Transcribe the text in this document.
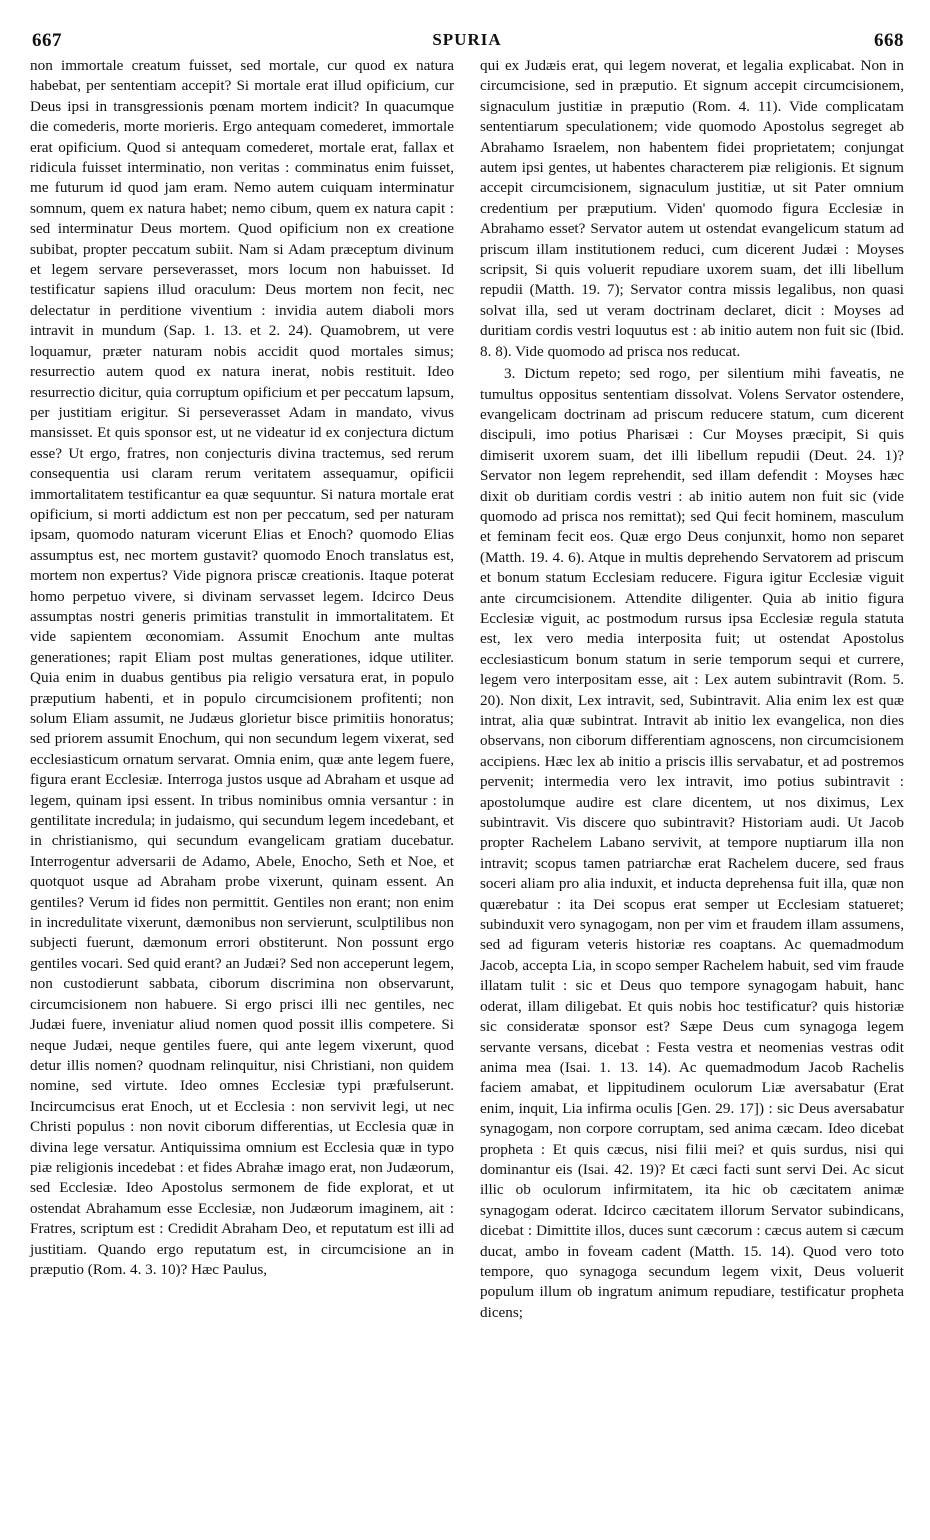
667	SPURIA	668

non immortale creatum fuisset, sed mortale, cur quod ex natura habebat, per sententiam accepit? Si mortale erat illud opificium, cur Deus ipsi in transgressionis pœnam mortem indicit? In quacumque die comederis, morte morieris. Ergo antequam comederet, immortale erat opificium. Quod si antequam comederet, mortale erat, fallax et ridicula fuisset interminatio, non veritas : comminatus enim fuisset, me futurum id quod jam eram. Nemo autem cuiquam interminatur somnum, quem ex natura habet; nemo cibum, quem ex natura capit : sed interminatur Deus mortem. Quod opificium non ex creatione subibat, propter peccatum subiit. Nam si Adam præceptum divinum et legem servare perseverasset, mors locum non habuisset. Id testificatur sapiens illud oraculum: Deus mortem non fecit, nec delectatur in perditione viventium : invidia autem diaboli mors intravit in mundum (Sap. 1. 13. et 2. 24). Quamobrem, ut vere loquamur, præter naturam nobis accidit quod mortales simus; resurrectio autem quod ex natura inerat, nobis restituit. Ideo resurrectio dicitur, quia corruptum opificium et per peccatum lapsum, per justitiam erigitur. Si perseverasset Adam in mandato, vivus mansisset. Et quis sponsor est, ut ne videatur id ex conjectura dictum esse? Ut ergo, fratres, non conjecturis divina tractemus, sed rerum consequentia usi claram rerum veritatem assequamur, opificii immortalitatem testificantur ea quæ sequuntur. Si natura mortale erat opificium, si morti addictum est non per peccatum, sed per naturam ipsam, quomodo naturam vicerunt Elias et Enoch? quomodo Elias assumptus est, nec mortem gustavit? quomodo Enoch translatus est, mortem non expertus? Vide pignora priscæ creationis. Itaque poterat homo perpetuo vivere, si divinam servasset legem. Idcirco Deus assumptas nostri generis primitias transtulit in immortalitatem. Et vide sapientem œconomiam. Assumit Enochum ante multas generationes; rapit Eliam post multas generationes, idque utiliter. Quia enim in duabus gentibus pia religio versatura erat, in populo præputium habenti, et in populo circumcisionem profitenti; non solum Eliam assumit, ne Judæus glorietur bisce primitiis honoratus; sed priorem assumit Enochum, qui non secundum legem vixerat, sed ecclesiasticum ornatum servarat. Omnia enim, quæ ante legem fuere, figura erant Ecclesiæ. Interroga justos usque ad Abraham et usque ad legem, quinam ipsi essent. In tribus nominibus omnia versantur : in gentilitate incredula; in judaismo, qui secundum legem incedebant, et in christianismo, qui secundum evangelicam gratiam ducebatur. Interrogentur adversarii de Adamo, Abele, Enocho, Seth et Noe, et quotquot usque ad Abraham probe vixerunt, quinam essent. An gentiles? Verum id fides non permittit. Gentiles non erant; non enim in incredulitate vixerunt, dæmonibus non servierunt, sculptilibus non subjecti fuerunt, dæmonum errori obstiterunt. Non possunt ergo gentiles vocari. Sed quid erant? an Judæi? Sed non acceperunt legem, non custodierunt sabbata, ciborum discrimina non observarunt, circumcisionem non habuere. Si ergo prisci illi nec gentiles, nec Judæi fuere, inveniatur aliud nomen quod possit illis competere. Si neque Judæi, neque gentiles fuere, qui ante legem vixerunt, quod detur illis nomen? quodnam relinquitur, nisi Christiani, non quidem nomine, sed virtute. Ideo omnes Ecclesiæ typi præfulserunt. Incircumcisus erat Enoch, ut et Ecclesia : non servivit legi, ut nec Christi populus : non novit ciborum differentias, ut Ecclesia quæ in divina lege versatur. Antiquissima omnium est Ecclesia quæ in typo piæ religionis incedebat : et fides Abrahæ imago erat, non Judæorum, sed Ecclesiæ. Ideo Apostolus sermonem de fide explorat, et ut ostendat Abrahamum esse Ecclesiæ, non Judæorum imaginem, ait : Fratres, scriptum est : Credidit Abraham Deo, et reputatum est illi ad justitiam. Quando ergo reputatum est, in circumcisione an in præputio (Rom. 4. 3. 10)? Hæc Paulus,

qui ex Judæis erat, qui legem noverat, et legalia explicabat. Non in circumcisione, sed in præputio. Et signum accepit circumcisionem, signaculum justitiæ in præputio (Rom. 4. 11). Vide complicatam sententiarum speculationem; vide quomodo Apostolus segreget ab Abrahamo Israelem, non habentem fidei proprietatem; conjungat autem ipsi gentes, ut habentes characterem piæ religionis. Et signum accepit circumcisionem, signaculum justitiæ, ut sit Pater omnium credentium per præputium. Viden' quomodo figura Ecclesiæ in Abrahamo esset? Servator autem ut ostendat evangelicum statum ad priscum illam institutionem reduci, cum dicerent Judæi : Moyses scripsit, Si quis voluerit repudiare uxorem suam, det illi libellum repudii (Matth. 19. 7); Servator contra missis legalibus, non quasi solvat illa, sed ut veram doctrinam declaret, dicit : Moyses ad duritiam cordis vestri loquutus est : ab initio autem non fuit sic (Ibid. 8. 8). Vide quomodo ad prisca nos reducat.

3. Dictum repeto; sed rogo, per silentium mihi faveatis, ne tumultus oppositus sententiam dissolvat. Volens Servator ostendere, evangelicam doctrinam ad priscum reducere statum, cum dicerent discipuli, imo potius Pharisæi : Cur Moyses præcipit, Si quis dimiserit uxorem suam, det illi libellum repudii (Deut. 24. 1)? Servator non legem reprehendit, sed illam defendit : Moyses hæc dixit ob duritiam cordis vestri : ab initio autem non fuit sic (vide quomodo ad prisca nos remittat); sed Qui fecit hominem, masculum et feminam fecit eos. Quæ ergo Deus conjunxit, homo non separet (Matth. 19. 4. 6). Atque in multis deprehendo Servatorem ad priscum et bonum statum Ecclesiam reducere. Figura igitur Ecclesiæ viguit ante circumcisionem. Attendite diligenter. Quia ab initio figura Ecclesiæ viguit, ac postmodum rursus ipsa Ecclesiæ regula statuta est, lex vero media interposita fuit; ut ostendat Apostolus ecclesiasticum bonum statum in serie temporum sequi et currere, legem vero interpositam esse, ait : Lex autem subintravit (Rom. 5. 20). Non dixit, Lex intravit, sed, Subintravit. Alia enim lex est quæ intrat, alia quæ subintrat. Intravit ab initio lex evangelica, non dies observans, non ciborum differentiam agnoscens, non circumcisionem accipiens. Hæc lex ab initio a priscis illis servabatur, et ad postremos pervenit; intermedia vero lex intravit, imo potius subintravit : apostolumque audire est clare dicentem, ut nos diximus, Lex subintravit. Vis discere quo subintravit? Historiam audi. Ut Jacob propter Rachelem Labano servivit, at tempore nuptiarum illa non intravit; scopus tamen patriarchæ erat Rachelem ducere, sed fraus soceri aliam pro alia induxit, et inducta deprehensa fuit illa, quæ non quærebatur : ita Dei scopus erat semper ut Ecclesiam statueret; subinduxit vero synagogam, non per vim et fraudem illam assumens, sed ad figuram veteris historiæ res coaptans. Ac quemadmodum Jacob, accepta Lia, in scopo semper Rachelem habuit, sed vim fraude illatam tulit : sic et Deus quo tempore synagogam habuit, hanc oderat, illam diligebat. Et quis nobis hoc testificatur? quis historiæ sic consideratæ sponsor est? Sæpe Deus cum synagoga legem servante versans, dicebat : Festa vestra et neomenias vestras odit anima mea (Isai. 1. 13. 14). Ac quemadmodum Jacob Rachelis faciem amabat, et lippitudinem oculorum Liæ aversabatur (Erat enim, inquit, Lia infirma oculis [Gen. 29. 17]) : sic Deus aversabatur synagogam, non corpore corruptam, sed anima cæcam. Ideo dicebat propheta : Et quis cæcus, nisi filii mei? et quis surdus, nisi qui dominantur eis (Isai. 42. 19)? Et cæci facti sunt servi Dei. Ac sicut illic ob oculorum infirmitatem, ita hic ob cæcitatem animæ synagogam oderat. Idcirco cæcitatem illorum Servator subindicans, dicebat : Dimittite illos, duces sunt cæcorum : cæcus autem si cæcum ducat, ambo in foveam cadent (Matth. 15. 14). Quod vero toto tempore, quo synagoga secundum legem vixit, Deus voluerit populum illum ob ingratum animum repudiare, testificatur propheta dicens;
